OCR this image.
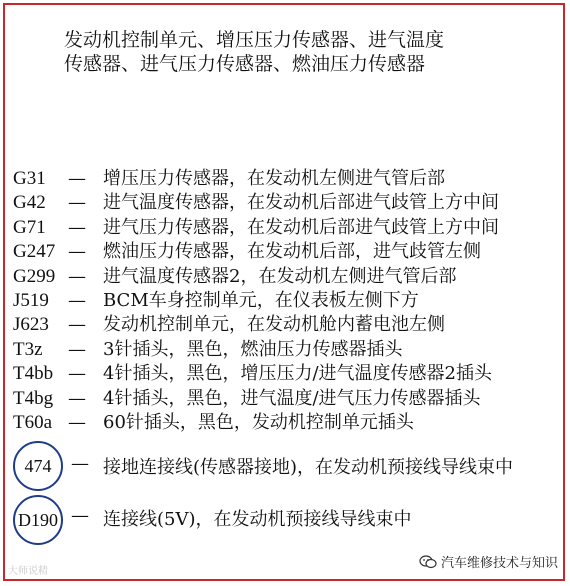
发动机控制单元、增压压力传感器、进气温度
传感器、进气压力传感器、燃油压力传感器
G31 — 增压压力传感器，在发动机左侧进气管后部
G42 — 进气温度传感器，在发动机后部进气歧管上方中间
G71 — 进气压力传感器，在发动机后部进气歧管上方中间
G247 — 燃油压力传感器，在发动机后部，进气歧管左侧
G299 — 进气温度传感器2，在发动机左侧进气管后部
J519 — BCM车身控制单元，在仪表板左侧下方
J623 — 发动机控制单元，在发动机舱内蓄电池左侧
T3z — 3针插头，黑色，燃油压力传感器插头
T4bb — 4针插头，黑色，增压压力/进气温度传感器2插头
T4bg — 4针插头，黑色，进气温度/进气压力传感器插头
T60a — 60针插头，黑色，发动机控制单元插头
474	— 接地连接线(传感器接地)，在发动机预接线导线束中
D190 — 连接线(5V)，在发动机预接线导线束中
大师说精
汽车维修技术与知识
